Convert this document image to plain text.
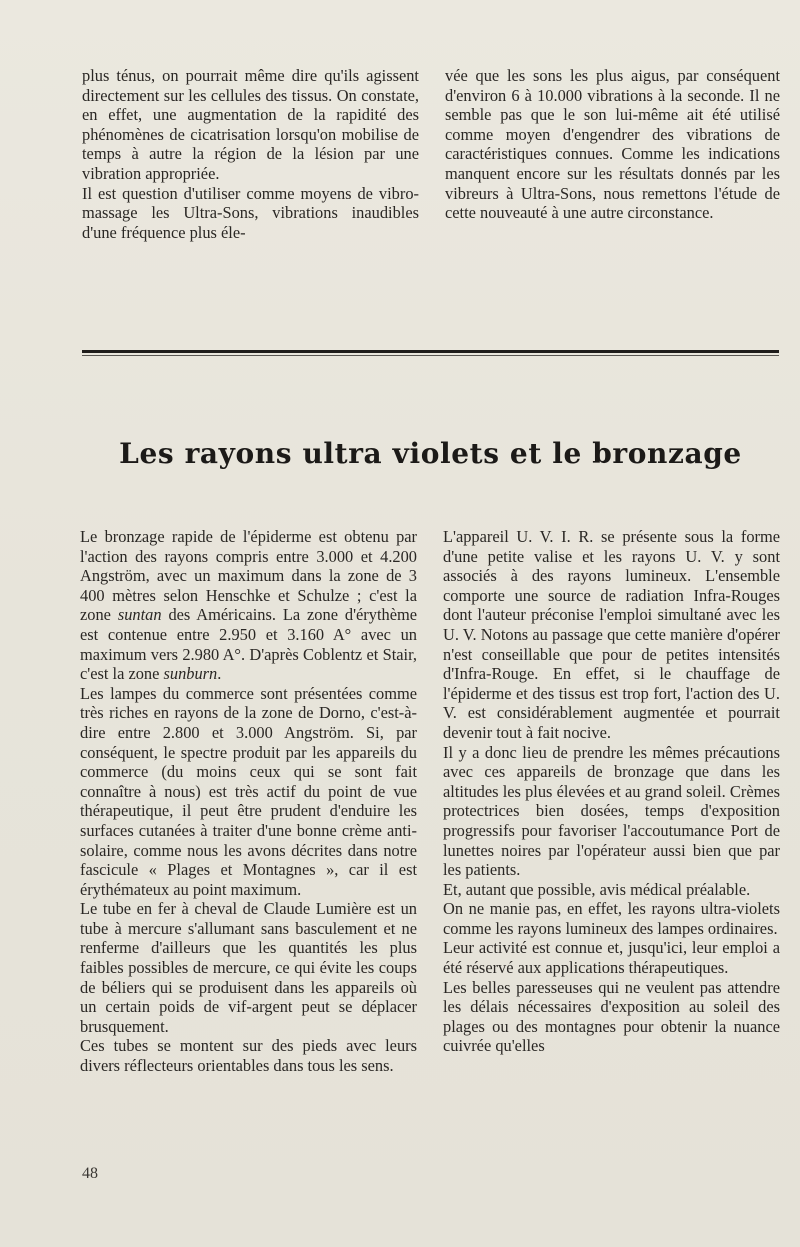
plus ténus, on pourrait même dire qu'ils agissent directement sur les cellules des tissus. On constate, en effet, une augmentation de la rapidité des phénomènes de cicatrisation lorsqu'on mobilise de temps à autre la région de la lésion par une vibration appropriée.

Il est question d'utiliser comme moyens de vibro-massage les Ultra-Sons, vibrations inaudibles d'une fréquence plus éle-

vée que les sons les plus aigus, par conséquent d'environ 6 à 10.000 vibrations à la seconde. Il ne semble pas que le son lui-même ait été utilisé comme moyen d'engendrer des vibrations de caractéristiques connues. Comme les indications manquent encore sur les résultats donnés par les vibreurs à Ultra-Sons, nous remettons l'étude de cette nouveauté à une autre circonstance.

Les rayons ultra violets et le bronzage

Le bronzage rapide de l'épiderme est obtenu par l'action des rayons compris entre 3.000 et 4.200 Angström, avec un maximum dans la zone de 3 400 mètres selon Henschke et Schulze ; c'est la zone suntan des Américains. La zone d'érythème est contenue entre 2.950 et 3.160 A° avec un maximum vers 2.980 A°. D'après Coblentz et Stair, c'est la zone sunburn.

Les lampes du commerce sont présentées comme très riches en rayons de la zone de Dorno, c'est-à-dire entre 2.800 et 3.000 Angström. Si, par conséquent, le spectre produit par les appareils du commerce (du moins ceux qui se sont fait connaître à nous) est très actif du point de vue thérapeutique, il peut être prudent d'enduire les surfaces cutanées à traiter d'une bonne crème anti-solaire, comme nous les avons décrites dans notre fascicule « Plages et Montagnes », car il est érythémateux au point maximum.

Le tube en fer à cheval de Claude Lumière est un tube à mercure s'allumant sans basculement et ne renferme d'ailleurs que les quantités les plus faibles possibles de mercure, ce qui évite les coups de béliers qui se produisent dans les appareils où un certain poids de vif-argent peut se déplacer brusquement.

Ces tubes se montent sur des pieds avec leurs divers réflecteurs orientables dans tous les sens.

L'appareil U. V. I. R. se présente sous la forme d'une petite valise et les rayons U. V. y sont associés à des rayons lumineux. L'ensemble comporte une source de radiation Infra-Rouges dont l'auteur préconise l'emploi simultané avec les U. V. Notons au passage que cette manière d'opérer n'est conseillable que pour de petites intensités d'Infra-Rouge. En effet, si le chauffage de l'épiderme et des tissus est trop fort, l'action des U. V. est considérablement augmentée et pourrait devenir tout à fait nocive.

Il y a donc lieu de prendre les mêmes précautions avec ces appareils de bronzage que dans les altitudes les plus élevées et au grand soleil. Crèmes protectrices bien dosées, temps d'exposition progressifs pour favoriser l'accoutumance Port de lunettes noires par l'opérateur aussi bien que par les patients.

Et, autant que possible, avis médical préalable.

On ne manie pas, en effet, les rayons ultra-violets comme les rayons lumineux des lampes ordinaires.

Leur activité est connue et, jusqu'ici, leur emploi a été réservé aux applications thérapeutiques.

Les belles paresseuses qui ne veulent pas attendre les délais nécessaires d'exposition au soleil des plages ou des montagnes pour obtenir la nuance cuivrée qu'elles

48
